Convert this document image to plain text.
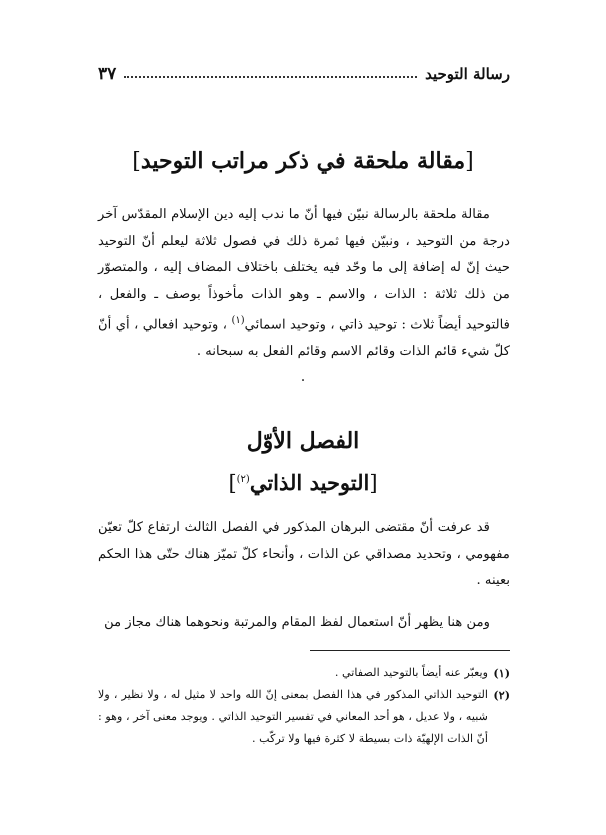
رسالة التوحيد
٣٧
[مقالة ملحقة في ذكر مراتب التوحيد]
مقالة ملحقة بالرسالة نبيّن فيها أنّ ما ندب إليه دين الإسلام المقدّس آخر درجة من التوحيد ، ونبيّن فيها ثمرة ذلك في فصول ثلاثة ليعلم أنّ التوحيد حيث إنّ له إضافة إلى ما وحّد فيه يختلف باختلاف المضاف إليه ، والمتصوّر من ذلك ثلاثة : الذات ، والاسم ـ وهو الذات مأخوذاً بوصف ـ والفعل ، فالتوحيد أيضاً ثلاث : توحيد ذاتي ، وتوحيد اسمائي$^{(١)}$ ، وتوحيد افعالي ، أي أنّ كلّ شيء قائم الذات وقائم الاسم وقائم الفعل به سبحانه .
٠
الفصل الأوّل
[التوحيد الذاتي$^{(٢)}$]
قد عرفت أنّ مقتضى البرهان المذكور في الفصل الثالث ارتفاع كلّ تعيّن مفهومي ، وتحديد مصداقي عن الذات ، وأنحاء كلّ تميّز هناك حتّى هذا الحكم بعينه .
ومن هنا يظهر أنّ استعمال لفظ المقام والمرتبة ونحوهما هناك مجاز من
(١)
ويعبّر عنه أيضاً بالتوحيد الصفاتي .
(٢)
التوحيد الذاتي المذكور في هذا الفصل بمعنى إنّ الله واحد لا مثيل له ، ولا نظير ، ولا شبيه ، ولا عديل ، هو أحد المعاني في تفسير التوحيد الذاتي . ويوجد معنى آخر ، وهو : أنّ الذات الإلهيّة ذات بسيطة لا كثرة فيها ولا تركّب .
